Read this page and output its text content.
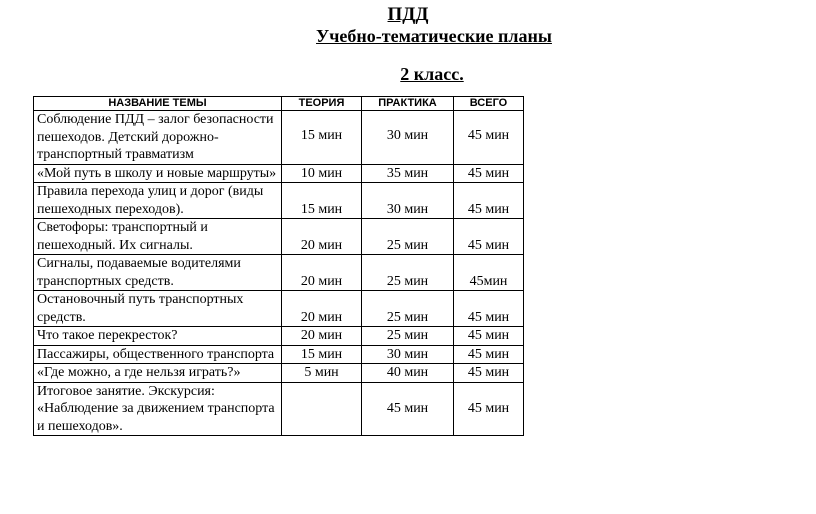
ПДД
Учебно-тематические планы
2 класс.
НАЗВАНИЕ ТЕМЫ	ТЕОРИЯ	ПРАКТИКА	ВСЕГО
Соблюдение ПДД – залог безопасности пешеходов. Детский дорожно- транспортный травматизм	15 мин	30 мин	45 мин
«Мой путь в школу и новые маршруты»	10 мин	35 мин	45 мин
Правила перехода улиц и дорог (виды пешеходных переходов).	15 мин	30 мин	45 мин
Светофоры: транспортный и пешеходный. Их сигналы.	20 мин	25 мин	45 мин
Сигналы, подаваемые водителями транспортных средств.	20 мин	25 мин	45мин
Остановочный путь транспортных средств.	20 мин	25 мин	45 мин
Что такое перекресток?	20 мин	25 мин	45 мин
Пассажиры, общественного транспорта	15 мин	30 мин	45 мин
«Где можно, а где нельзя играть?»	5 мин	40 мин	45 мин
Итоговое занятие. Экскурсия: «Наблюдение за движением транспорта и пешеходов».		45 мин	45 мин
